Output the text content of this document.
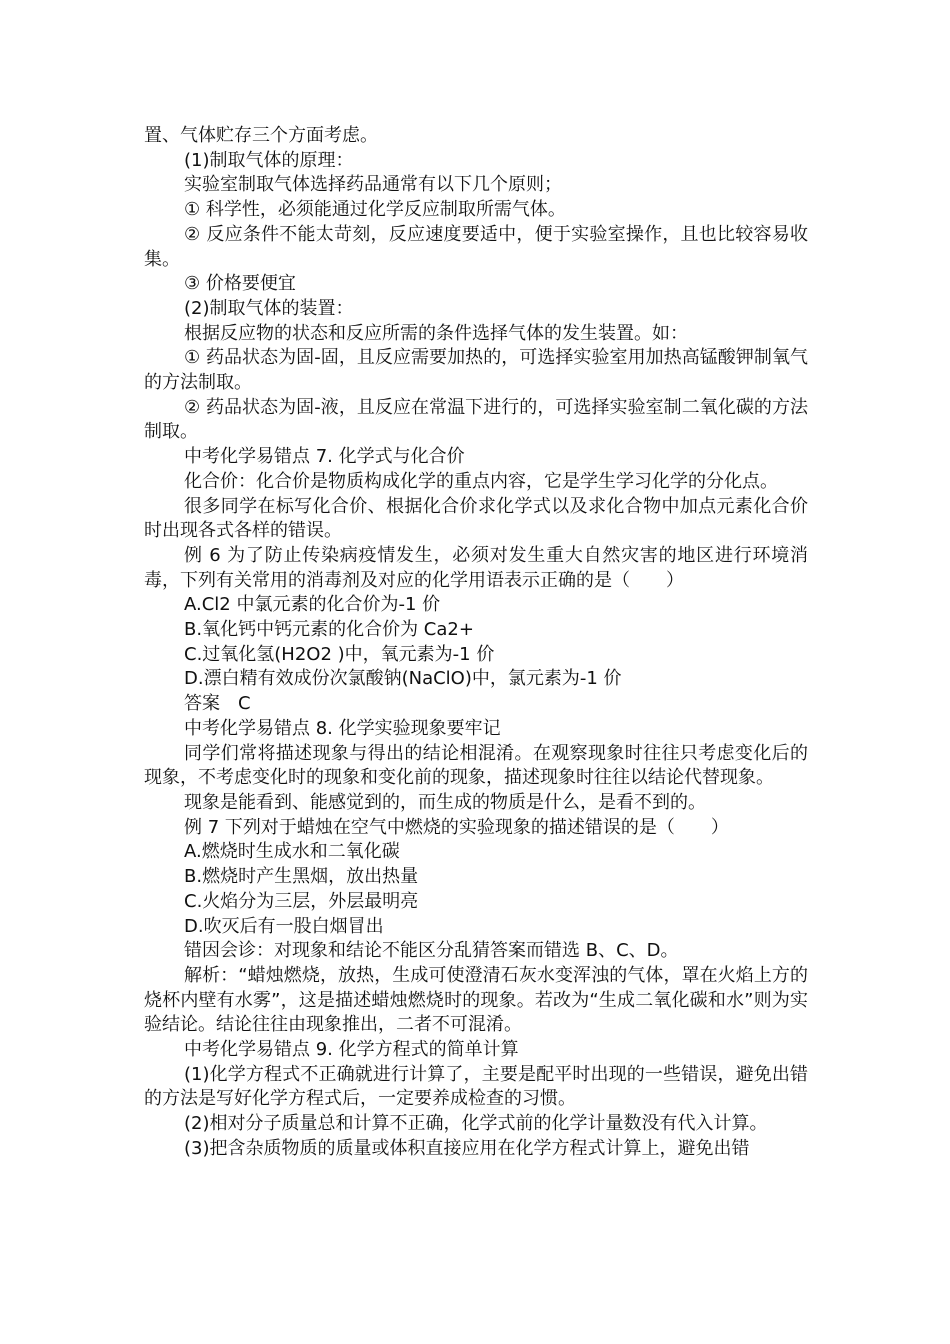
置、气体贮存三个方面考虑。

(1)制取气体的原理：

实验室制取气体选择药品通常有以下几个原则；

① 科学性，必须能通过化学反应制取所需气体。

② 反应条件不能太苛刻，反应速度要适中，便于实验室操作，且也比较容易收集。

③ 价格要便宜

(2)制取气体的装置：

根据反应物的状态和反应所需的条件选择气体的发生装置。如：

① 药品状态为固-固，且反应需要加热的，可选择实验室用加热高锰酸钾制氧气的方法制取。

② 药品状态为固-液，且反应在常温下进行的，可选择实验室制二氧化碳的方法制取。

中考化学易错点 7. 化学式与化合价

化合价：化合价是物质构成化学的重点内容，它是学生学习化学的分化点。

很多同学在标写化合价、根据化合价求化学式以及求化合物中加点元素化合价时出现各式各样的错误。

例 6 为了防止传染病疫情发生，必须对发生重大自然灾害的地区进行环境消毒，下列有关常用的消毒剂及对应的化学用语表示正确的是（　　）

A.Cl2 中氯元素的化合价为-1 价

B.氧化钙中钙元素的化合价为 Ca2+

C.过氧化氢(H2O2 )中，氧元素为-1 价

D.漂白精有效成份次氯酸钠(NaClO)中，氯元素为-1 价

答案　C

中考化学易错点 8. 化学实验现象要牢记

同学们常将描述现象与得出的结论相混淆。在观察现象时往往只考虑变化后的现象，不考虑变化时的现象和变化前的现象，描述现象时往往以结论代替现象。

现象是能看到、能感觉到的，而生成的物质是什么，是看不到的。

例 7 下列对于蜡烛在空气中燃烧的实验现象的描述错误的是（　　）

A.燃烧时生成水和二氧化碳

B.燃烧时产生黑烟，放出热量

C.火焰分为三层，外层最明亮

D.吹灭后有一股白烟冒出

错因会诊：对现象和结论不能区分乱猜答案而错选 B、C、D。

解析：“蜡烛燃烧，放热，生成可使澄清石灰水变浑浊的气体，罩在火焰上方的烧杯内壁有水雾”，这是描述蜡烛燃烧时的现象。若改为“生成二氧化碳和水”则为实验结论。结论往往由现象推出，二者不可混淆。

中考化学易错点 9. 化学方程式的简单计算

(1)化学方程式不正确就进行计算了，主要是配平时出现的一些错误，避免出错的方法是写好化学方程式后，一定要养成检查的习惯。

(2)相对分子质量总和计算不正确，化学式前的化学计量数没有代入计算。

(3)把含杂质物质的质量或体积直接应用在化学方程式计算上，避免出错
